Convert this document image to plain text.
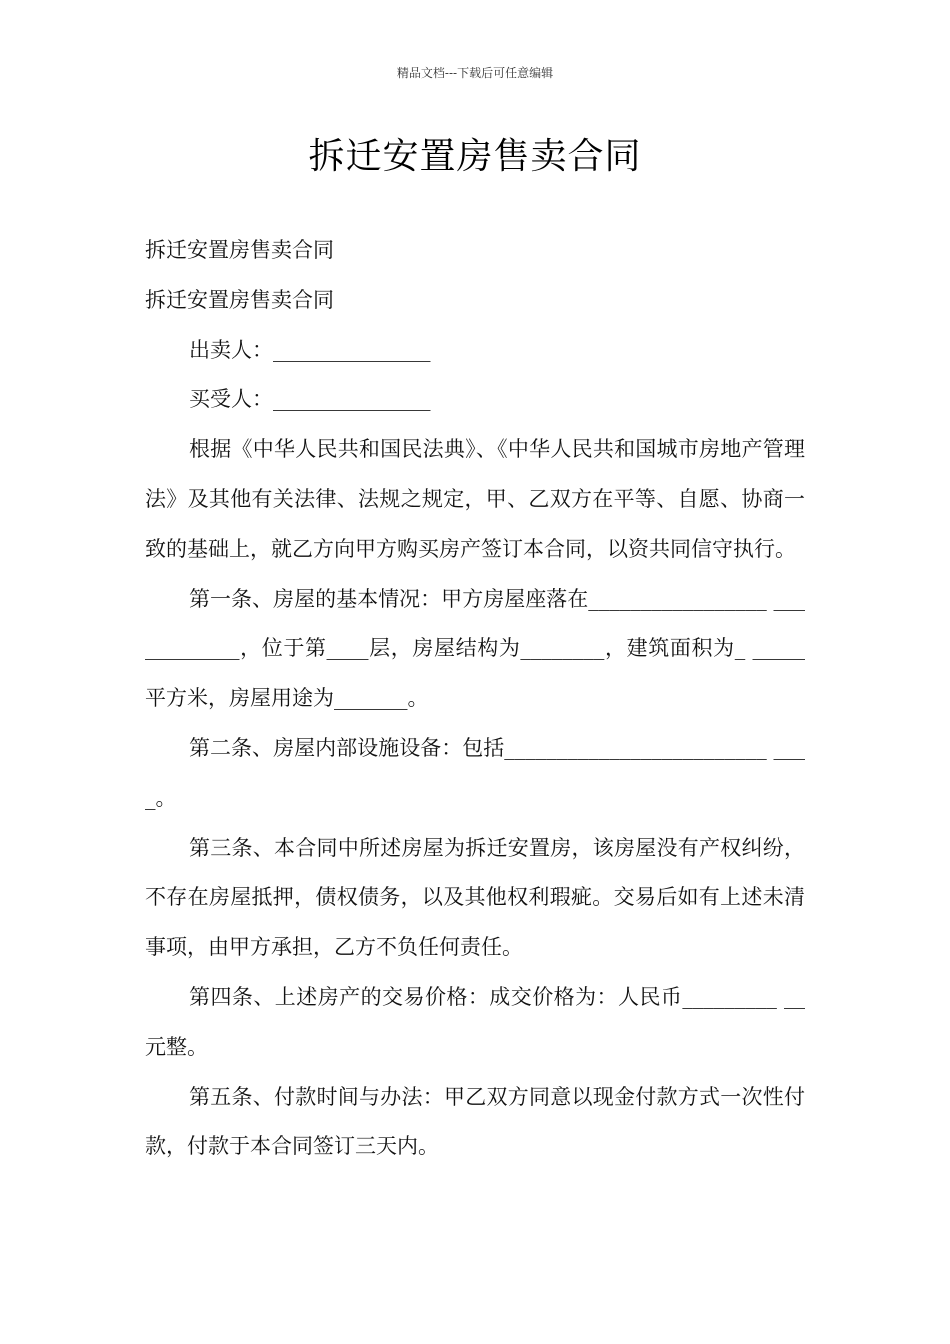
精品文档---下载后可任意编辑
拆迁安置房售卖合同

拆迁安置房售卖合同

拆迁安置房售卖合同

出卖人：_______________

买受人：_______________

根据《中华人民共和国民法典》、《中华人民共和国城市房地产管理法》及其他有关法律、法规之规定，甲、乙双方在平等、自愿、协商一致的基础上，就乙方向甲方购买房产签订本合同，以资共同信守执行。

第一条、房屋的基本情况：甲方房屋座落在_________________ ____________，位于第____层，房屋结构为________，建筑面积为_ _____平方米，房屋用途为_______。

第二条、房屋内部设施设备：包括_________________________ ____。

第三条、本合同中所述房屋为拆迁安置房，该房屋没有产权纠纷，不存在房屋抵押，债权债务，以及其他权利瑕疵。交易后如有上述未清事项，由甲方承担，乙方不负任何责任。

第四条、上述房产的交易价格：成交价格为：人民币_________ __元整。

第五条、付款时间与办法：甲乙双方同意以现金付款方式一次性付款，付款于本合同签订三天内。
